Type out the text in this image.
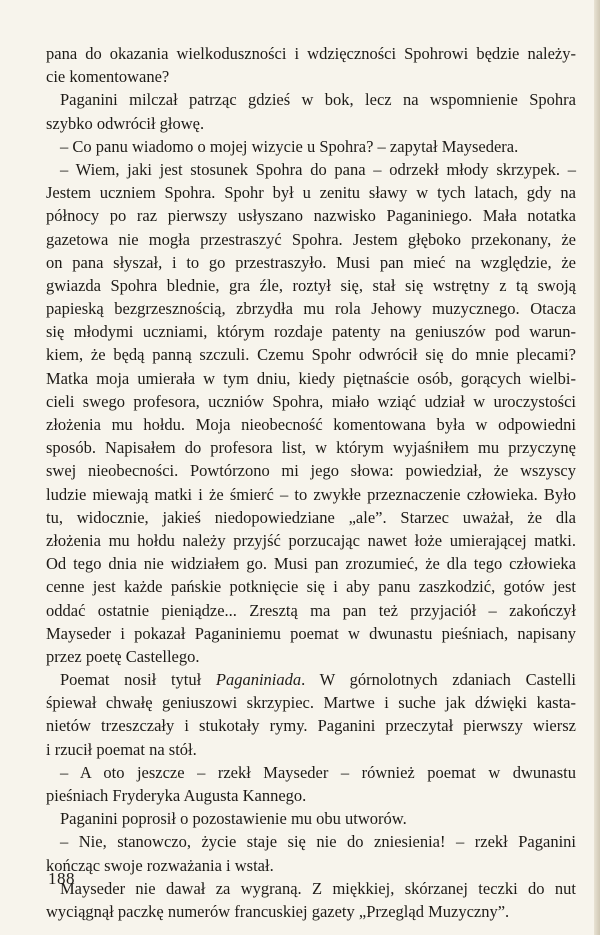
pana do okazania wielkoduszności i wdzięczności Spohrowi będzie należy-
cie komentowane?
Paganini milczał patrząc gdzieś w bok, lecz na wspomnienie Spohra
szybko odwrócił głowę.
– Co panu wiadomo o mojej wizycie u Spohra? – zapytał Maysedera.
– Wiem, jaki jest stosunek Spohra do pana – odrzekł młody skrzypek. –
Jestem uczniem Spohra. Spohr był u zenitu sławy w tych latach, gdy na
północy po raz pierwszy usłyszano nazwisko Paganiniego. Mała notatka
gazetowa nie mogła przestraszyć Spohra. Jestem głęboko przekonany, że
on pana słyszał, i to go przestraszyło. Musi pan mieć na względzie, że
gwiazda Spohra blednie, gra źle, roztył się, stał się wstrętny z tą swoją
papieską bezgrzesznością, zbrzydła mu rola Jehowy muzycznego. Otacza
się młodymi uczniami, którym rozdaje patenty na geniuszów pod warun-
kiem, że będą panną szczuli. Czemu Spohr odwrócił się do mnie plecami?
Matka moja umierała w tym dniu, kiedy piętnaście osób, gorących wielbi-
cieli swego profesora, uczniów Spohra, miało wziąć udział w uroczystości
złożenia mu hołdu. Moja nieobecność komentowana była w odpowiedni
sposób. Napisałem do profesora list, w którym wyjaśniłem mu przyczynę
swej nieobecności. Powtórzono mi jego słowa: powiedział, że wszyscy
ludzie miewają matki i że śmierć – to zwykłe przeznaczenie człowieka. Było
tu, widocznie, jakieś niedopowiedziane „ale”. Starzec uważał, że dla
złożenia mu hołdu należy przyjść porzucając nawet łoże umierającej matki.
Od tego dnia nie widziałem go. Musi pan zrozumieć, że dla tego człowieka
cenne jest każde pańskie potknięcie się i aby panu zaszkodzić, gotów jest
oddać ostatnie pieniądze... Zresztą ma pan też przyjaciół – zakończył
Mayseder i pokazał Paganiniemu poemat w dwunastu pieśniach, napisany
przez poetę Castellego.
Poemat nosił tytuł Paganiniada. W górnolotnych zdaniach Castelli
śpiewał chwałę geniuszowi skrzypiec. Martwe i suche jak dźwięki kasta-
nietów trzeszczały i stukotały rymy. Paganini przeczytał pierwszy wiersz
i rzucił poemat na stół.
– A oto jeszcze – rzekł Mayseder – również poemat w dwunastu
pieśniach Fryderyka Augusta Kannego.
Paganini poprosił o pozostawienie mu obu utworów.
– Nie, stanowczo, życie staje się nie do zniesienia! – rzekł Paganini
kończąc swoje rozważania i wstał.
Mayseder nie dawał za wygraną. Z miękkiej, skórzanej teczki do nut
wyciągnął paczkę numerów francuskiej gazety „Przegląd Muzyczny”.
188
